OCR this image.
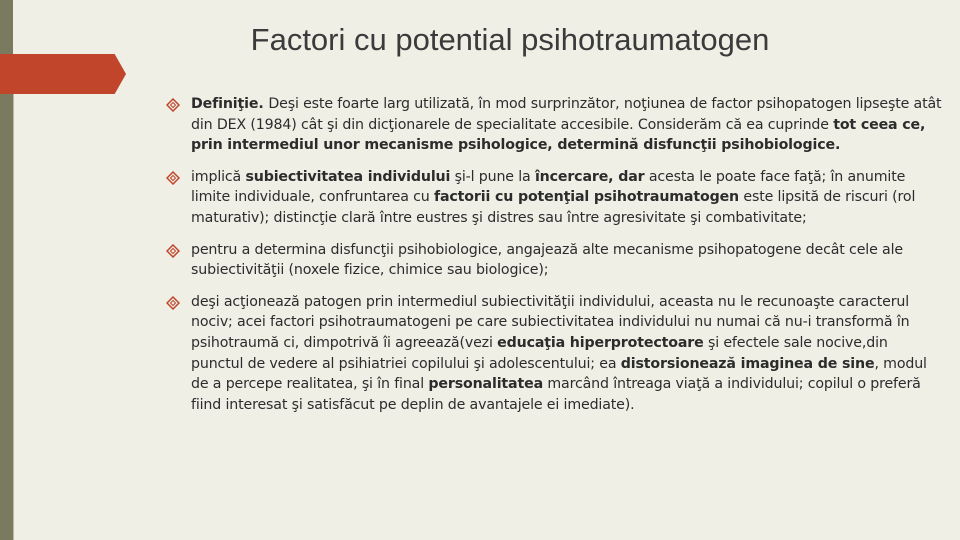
Factori cu potential psihotraumatogen
Definiţie. Deşi este foarte larg utilizată, în mod surprinzător, noţiunea de factor psihopatogen lipseşte atât din DEX (1984) cât şi din dicţionarele de specialitate accesibile. Considerăm că ea cuprinde tot ceea ce, prin intermediul unor mecanisme psihologice, determină disfuncţii psihobiologice.
implică subiectivitatea individului şi-l pune la încercare, dar acesta le poate face faţă; în anumite limite individuale, confruntarea cu factorii cu potenţial psihotraumatogen este lipsită de riscuri (rol maturativ); distincţie clară între eustres şi distres sau între agresivitate şi combativitate;
pentru a determina disfuncţii psihobiologice, angajează alte mecanisme psihopatogene decât cele ale subiectivităţii (noxele fizice, chimice sau biologice);
deşi acţionează patogen prin intermediul subiectivităţii individului, aceasta nu le recunoaşte caracterul nociv; acei factori psihotraumatogeni pe care subiectivitatea individului nu numai că nu-i transformă în psihotraumă ci, dimpotrivă îi agreează(vezi educaţia hiperprotectoare şi efectele sale nocive,din punctul de vedere al psihiatriei copilului şi adolescentului; ea distorsionează imaginea de sine, modul de a percepe realitatea, şi în final personalitatea marcând întreaga viaţă a individului; copilul o preferă fiind interesat şi satisfăcut pe deplin de avantajele ei imediate).
